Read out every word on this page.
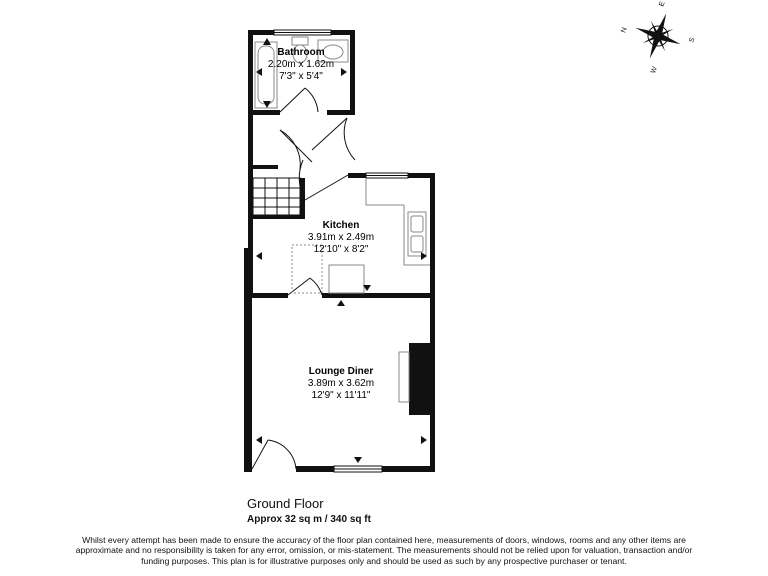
Bathroom
2.20m x 1.62m
7'3" x 5'4"
Kitchen
3.91m x 2.49m
12'10" x 8'2"
Lounge Diner
3.89m x 3.62m
12'9" x 11'11"
N
E
S
W
Ground Floor
Approx 32 sq m / 340 sq ft
Whilst every attempt has been made to ensure the accuracy of the floor plan contained here, measurements of doors, windows, rooms and any other items are approximate and no responsibility is taken for any error, omission, or mis-statement. The measurements should not be relied upon for valuation, transaction and/or funding purposes. This plan is for illustrative purposes only and should be used as such by any prospective purchaser or tenant.
